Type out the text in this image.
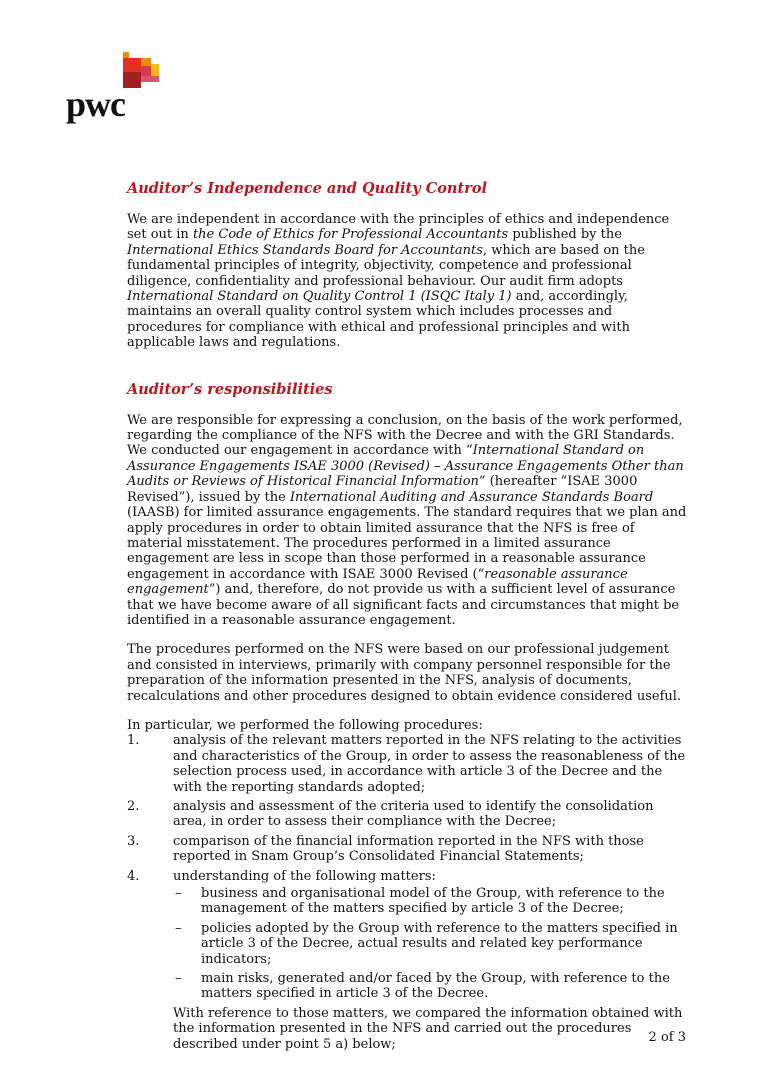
pwc
Auditor’s Independence and Quality Control

We are independent in accordance with the principles of ethics and independence set out in the Code of Ethics for Professional Accountants published by the International Ethics Standards Board for Accountants, which are based on the fundamental principles of integrity, objectivity, competence and professional diligence, confidentiality and professional behaviour. Our audit firm adopts International Standard on Quality Control 1 (ISQC Italy 1) and, accordingly, maintains an overall quality control system which includes processes and procedures for compliance with ethical and professional principles and with applicable laws and regulations.

Auditor’s responsibilities

We are responsible for expressing a conclusion, on the basis of the work performed, regarding the compliance of the NFS with the Decree and with the GRI Standards. We conducted our engagement in accordance with “International Standard on Assurance Engagements ISAE 3000 (Revised) – Assurance Engagements Other than Audits or Reviews of Historical Financial Information” (hereafter “ISAE 3000 Revised”), issued by the International Auditing and Assurance Standards Board (IAASB) for limited assurance engagements. The standard requires that we plan and apply procedures in order to obtain limited assurance that the NFS is free of material misstatement. The procedures performed in a limited assurance engagement are less in scope than those performed in a reasonable assurance engagement in accordance with ISAE 3000 Revised (“reasonable assurance engagement”) and, therefore, do not provide us with a sufficient level of assurance that we have become aware of all significant facts and circumstances that might be identified in a reasonable assurance engagement.

The procedures performed on the NFS were based on our professional judgement and consisted in interviews, primarily with company personnel responsible for the preparation of the information presented in the NFS, analysis of documents, recalculations and other procedures designed to obtain evidence considered useful.

In particular, we performed the following procedures:

1.	analysis of the relevant matters reported in the NFS relating to the activities and characteristics of the Group, in order to assess the reasonableness of the selection process used, in accordance with article 3 of the Decree and the with the reporting standards adopted;
2.	analysis and assessment of the criteria used to identify the consolidation area, in order to assess their compliance with the Decree;
3.	comparison of the financial information reported in the NFS with those reported in Snam Group’s Consolidated Financial Statements;
4.	understanding of the following matters:
– business and organisational model of the Group, with reference to the management of the matters specified by article 3 of the Decree;
– policies adopted by the Group with reference to the matters specified in article 3 of the Decree, actual results and related key performance indicators;
– main risks, generated and/or faced by the Group, with reference to the matters specified in article 3 of the Decree.

With reference to those matters, we compared the information obtained with the information presented in the NFS and carried out the procedures described under point 5 a) below;	2 of 3
